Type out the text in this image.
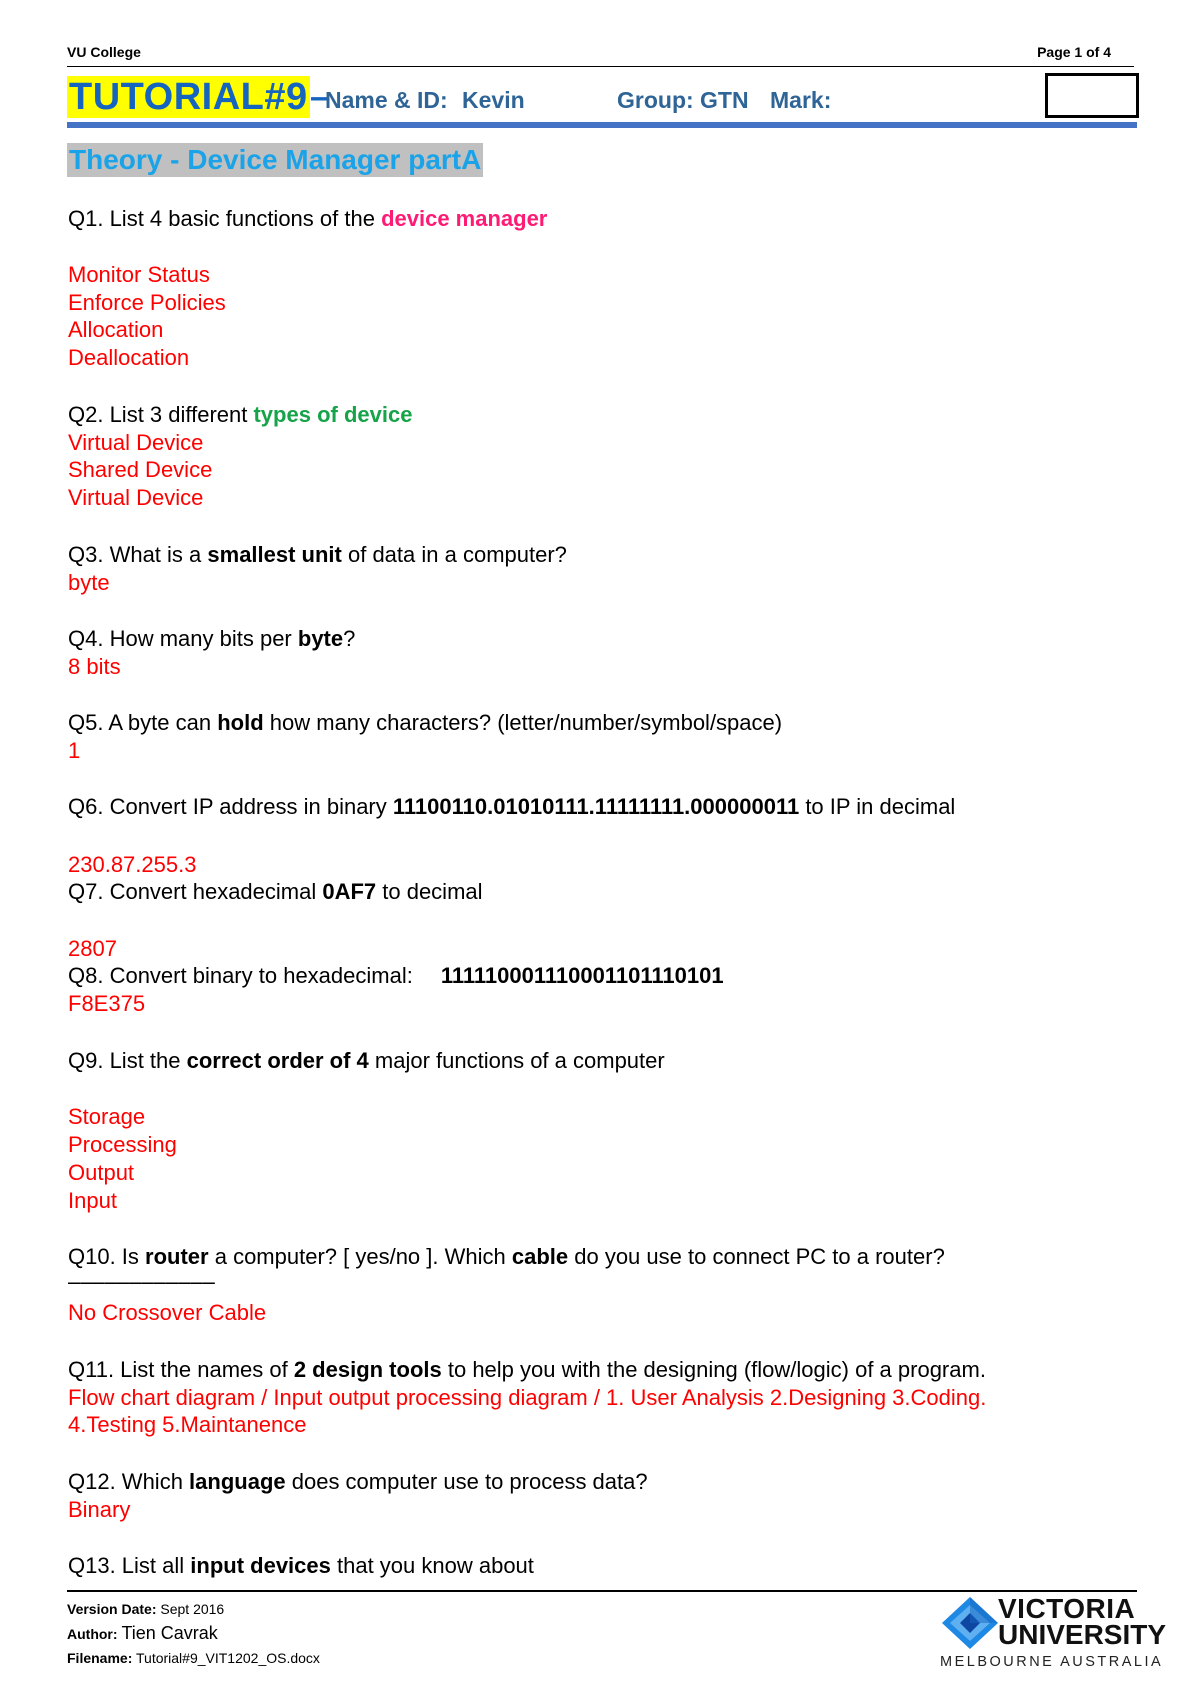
VU College	Page 1 of 4
TUTORIAL#9 –
Name & ID: Kevin	Group: GTN Mark:
Theory - Device Manager partA
Q1. List 4 basic functions of the device manager
Monitor Status
Enforce Policies
Allocation
Deallocation
Q2. List 3 different types of device
Virtual Device
Shared Device
Virtual Device
Q3. What is a smallest unit of data in a computer?
byte
Q4. How many bits per byte?
8 bits
Q5. A byte can hold how many characters? (letter/number/symbol/space)
1
Q6. Convert IP address in binary 11100110.01010111.11111111.000000011 to IP in decimal
230.87.255.3
Q7. Convert hexadecimal 0AF7 to decimal
2807
Q8. Convert binary to hexadecimal: 111110001110001101110101
F8E375
Q9. List the correct order of 4 major functions of a computer
Storage
Processing
Output
Input
Q10. Is router a computer? [ yes/no ]. Which cable do you use to connect PC to a router?
––––––––––––
No Crossover Cable
Q11. List the names of 2 design tools to help you with the designing (flow/logic) of a program.
Flow chart diagram / Input output processing diagram / 1. User Analysis 2.Designing 3.Coding.
4.Testing 5.Maintanence
Q12. Which language does computer use to process data?
Binary
Q13. List all input devices that you know about
Version Date: Sept 2016
Author: Tien Cavrak
Filename: Tutorial#9_VIT1202_OS.docx
VICTORIA
UNIVERSITY
MELBOURNE AUSTRALIA
